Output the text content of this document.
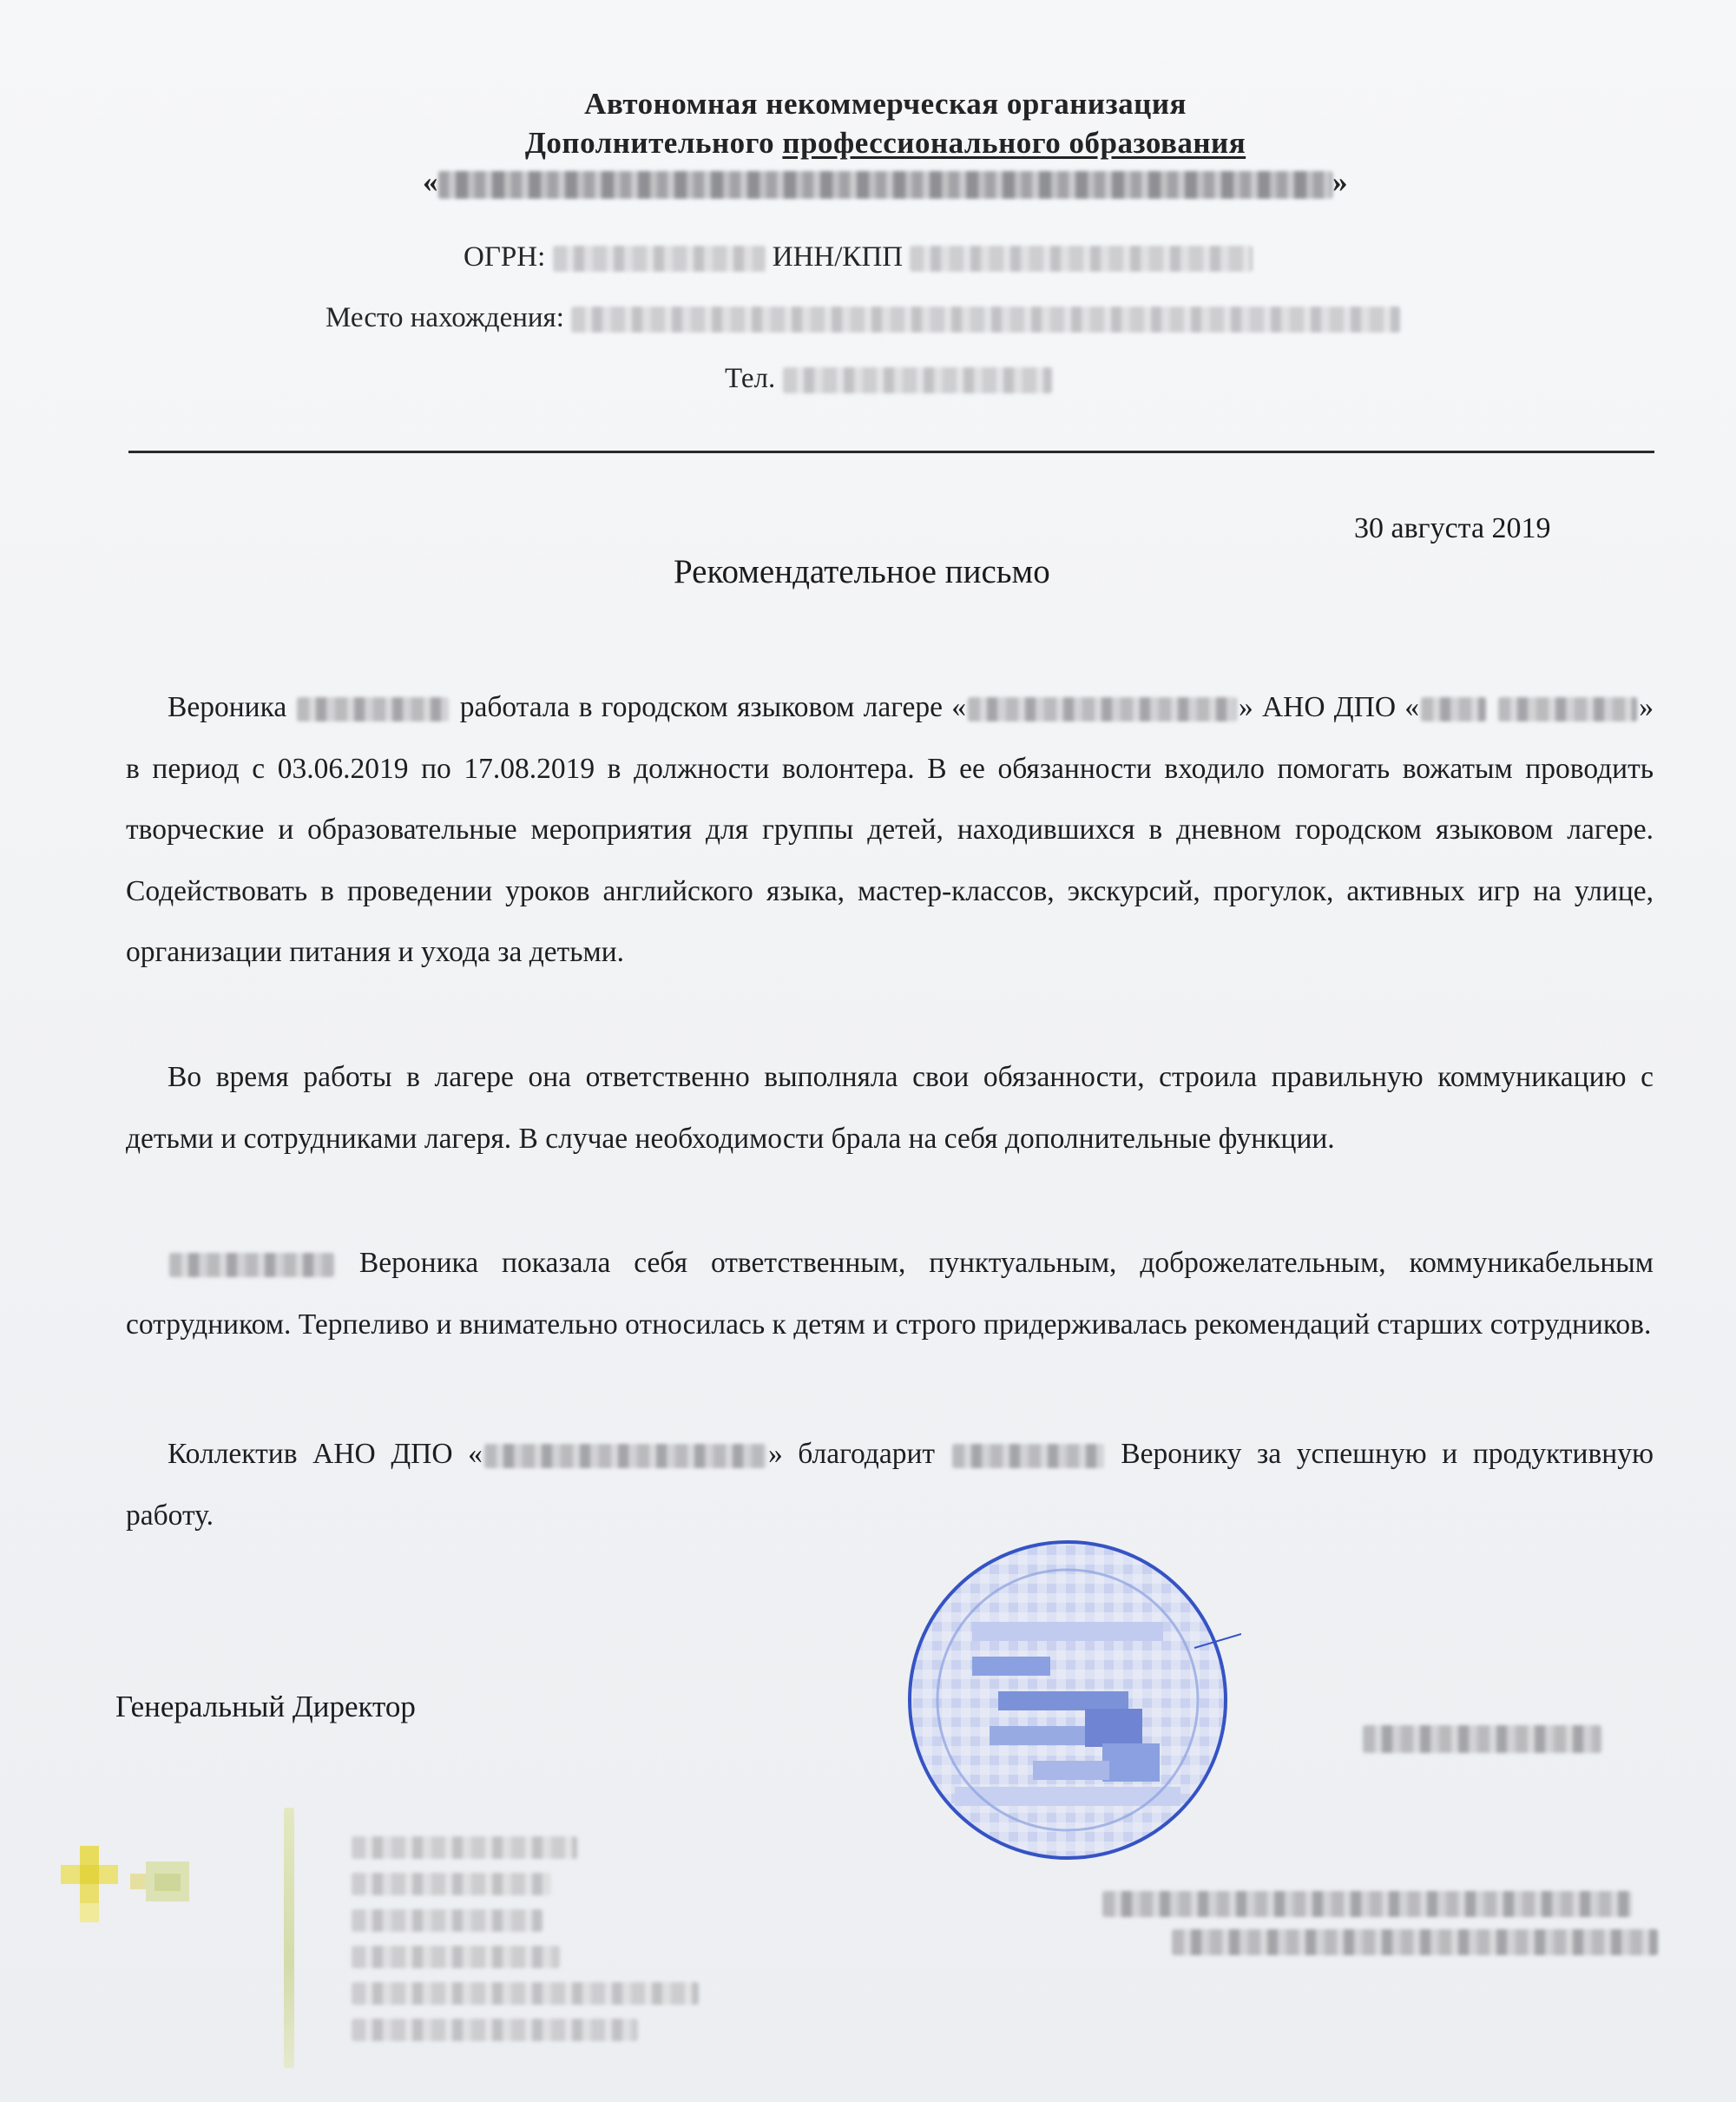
Автономная некоммерческая организация
Дополнительного профессионального образования
«	»
ОГРН:	ИНН/КПП
Место нахождения:
Тел.
30 августа 2019
Рекомендательное письмо
Вероника	работала в городском языковом лагере «	» АНО ДПО «	» в период с 03.06.2019 по 17.08.2019 в должности волонтера. В ее обязанности входило помогать вожатым проводить творческие и образовательные мероприятия для группы детей, находившихся в дневном городском языковом лагере. Содействовать в проведении уроков английского языка, мастер-классов, экскурсий, прогулок, активных игр на улице, организации питания и ухода за детьми.
Во время работы в лагере она ответственно выполняла свои обязанности, строила правильную коммуникацию с детьми и сотрудниками лагеря. В случае необходимости брала на себя дополнительные функции.
Вероника показала себя ответственным, пунктуальным, доброжелательным, коммуникабельным сотрудником. Терпеливо и внимательно относилась к детям и строго придерживалась рекомендаций старших сотрудников.
Коллектив АНО ДПО «	» благодарит	Веронику за успешную и продуктивную работу.
Генеральный Директор
